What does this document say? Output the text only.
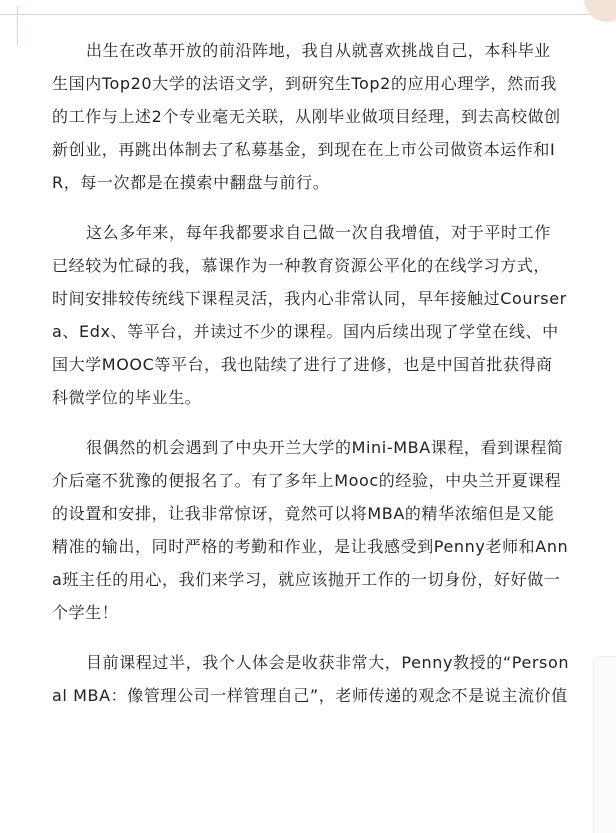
出生在改革开放的前沿阵地，我自从就喜欢挑战自己，本科毕业
生国内Top20大学的法语文学，到研究生Top2的应用心理学，然而我
的工作与上述2个专业毫无关联，从刚毕业做项目经理，到去高校做创
新创业，再跳出体制去了私募基金，到现在在上市公司做资本运作和I
R，每一次都是在摸索中翻盘与前行。

这么多年来，每年我都要求自己做一次自我增值，对于平时工作
已经较为忙碌的我，慕课作为一种教育资源公平化的在线学习方式，
时间安排较传统线下课程灵活，我内心非常认同，早年接触过Courser
a、Edx、等平台，并读过不少的课程。国内后续出现了学堂在线、中
国大学MOOC等平台，我也陆续了进行了进修，也是中国首批获得商
科微学位的毕业生。

很偶然的机会遇到了中央开兰大学的Mini-MBA课程，看到课程简
介后毫不犹豫的便报名了。有了多年上Mooc的经验，中央兰开夏课程
的设置和安排，让我非常惊讶，竟然可以将MBA的精华浓缩但是又能
精准的输出，同时严格的考勤和作业，是让我感受到Penny老师和Ann
a班主任的用心，我们来学习，就应该抛开工作的一切身份，好好做一
个学生！

目前课程过半，我个人体会是收获非常大，Penny教授的“Person
al MBA：像管理公司一样管理自己”，老师传递的观念不是说主流价值
